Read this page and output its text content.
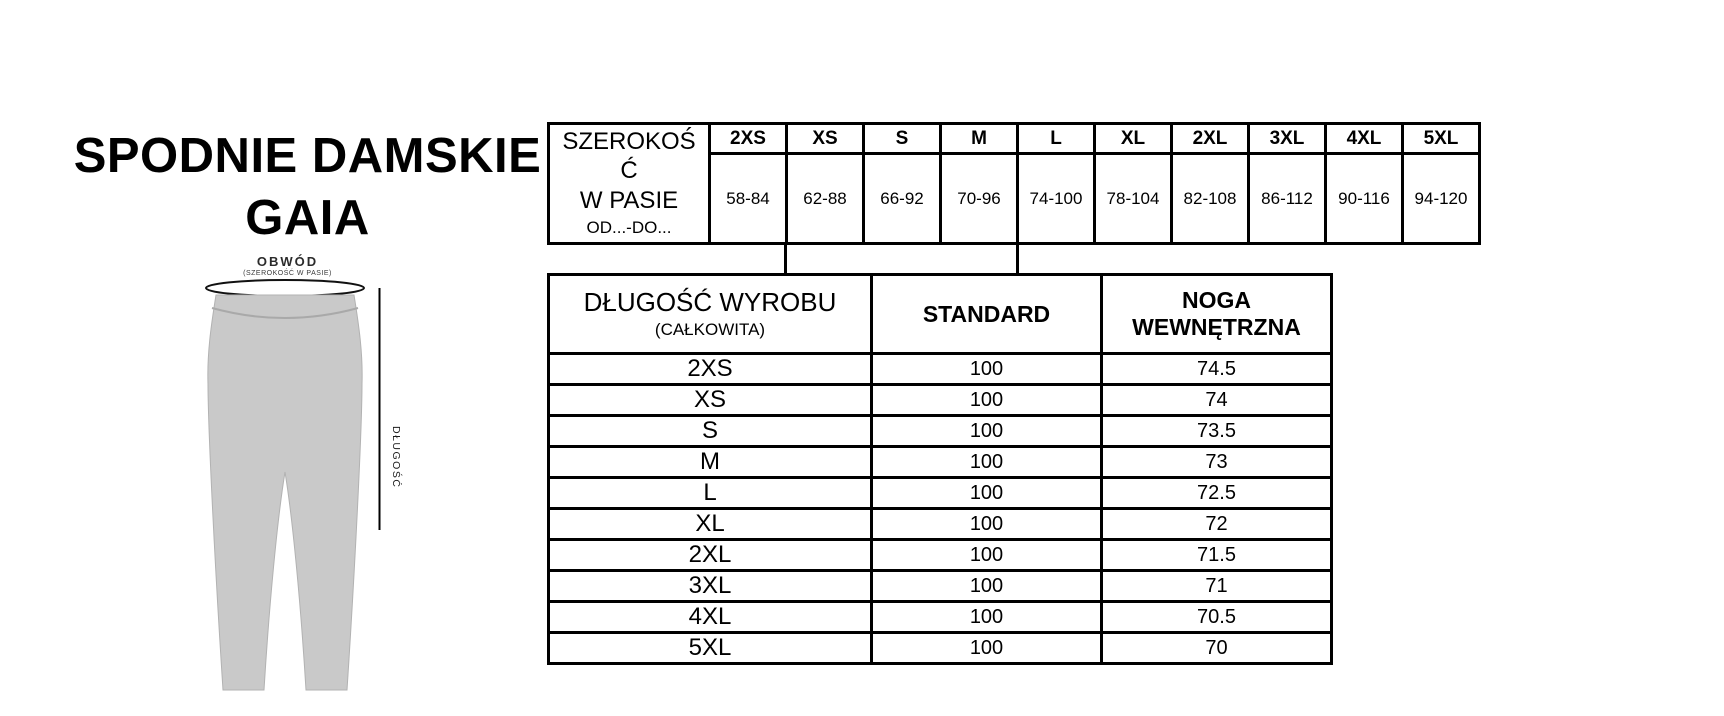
SPODNIE DAMSKIE
GAIA
OBWÓD
(SZEROKOŚĆ W PASIE)
DŁUGOŚĆ
SZEROKOŚ
Ć
W PASIE
OD...-DO...	2XS	XS	S	M	L	XL	2XL	3XL	4XL	5XL
	58-84	62-88	66-92	70-96	74-100	78-104	82-108	86-112	90-116	94-120
DŁUGOŚĆ WYROBU
(CAŁKOWITA)	STANDARD	NOGA WEWNĘTRZNA
2XS	100	74.5
XS	100	74
S	100	73.5
M	100	73
L	100	72.5
XL	100	72
2XL	100	71.5
3XL	100	71
4XL	100	70.5
5XL	100	70
